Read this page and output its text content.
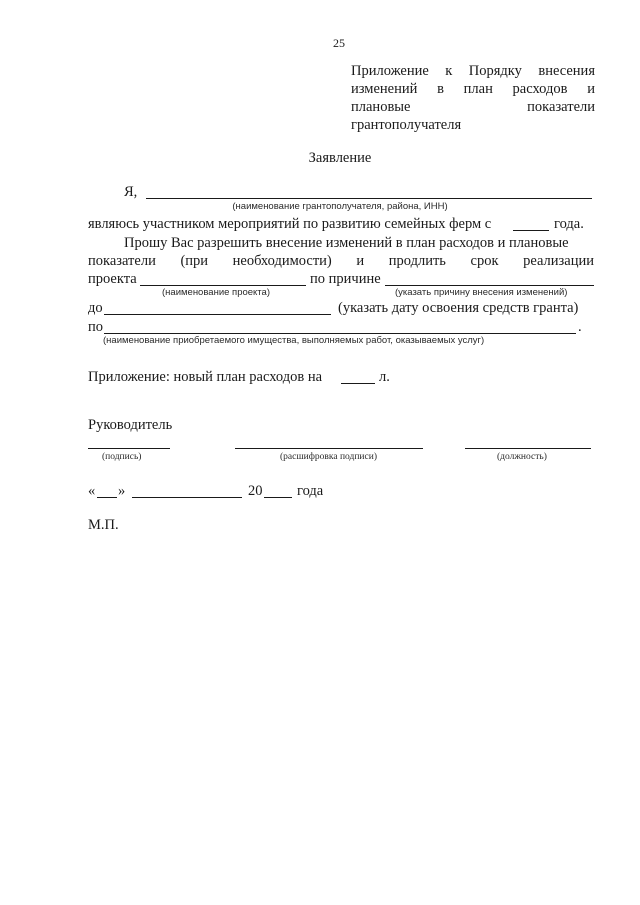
25
Приложение к Порядку внесения
изменений в план расходов и
плановые	показатели
грантополучателя
Заявление
Я,
(наименование грантополучателя, района, ИНН)
являюсь участником мероприятий по развитию семейных ферм с	года.
Прошу Вас разрешить внесение изменений в план расходов и плановые
показатели (при необходимости) и продлить срок реализации
проекта	по причине
(наименование проекта)	(указать причину внесения изменений)
до	(указать дату освоения средств гранта)
по	.
(наименование приобретаемого имущества, выполняемых работ, оказываемых услуг)
Приложение: новый план расходов на	л.
Руководитель
(подпись)	(расшифровка подписи)	(должность)
« »	20 года
М.П.
